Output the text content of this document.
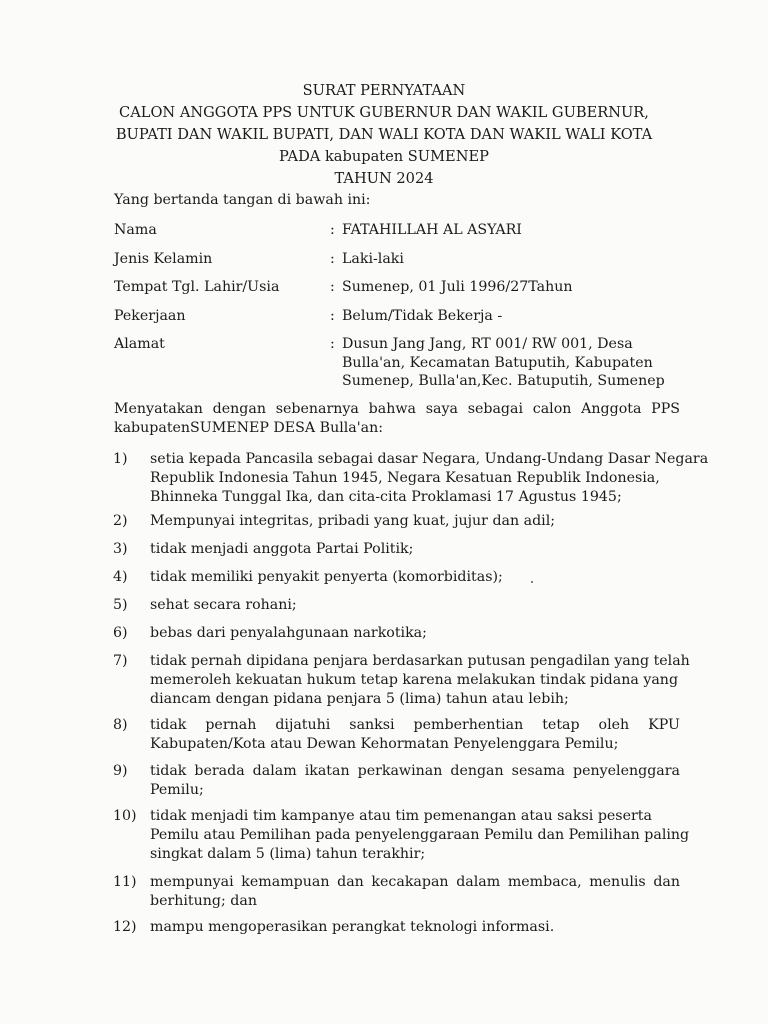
SURAT PERNYATAAN
CALON ANGGOTA PPS UNTUK GUBERNUR DAN WAKIL GUBERNUR,
BUPATI DAN WAKIL BUPATI, DAN WALI KOTA DAN WAKIL WALI KOTA
PADA kabupaten SUMENEP
TAHUN 2024
Yang bertanda tangan di bawah ini:
Nama	: FATAHILLAH AL ASYARI
Jenis Kelamin	: Laki-laki
Tempat Tgl. Lahir/Usia	: Sumenep, 01 Juli 1996/27Tahun
Pekerjaan	: Belum/Tidak Bekerja -
Alamat	: Dusun Jang Jang, RT 001/ RW 001, Desa
Bulla'an, Kecamatan Batuputih, Kabupaten
Sumenep, Bulla'an,Kec. Batuputih, Sumenep
Menyatakan dengan sebenarnya bahwa saya sebagai calon Anggota PPS kabupatenSUMENEP DESA Bulla'an:
1) setia kepada Pancasila sebagai dasar Negara, Undang-Undang Dasar Negara
Republik Indonesia Tahun 1945, Negara Kesatuan Republik Indonesia,
Bhinneka Tunggal Ika, dan cita-cita Proklamasi 17 Agustus 1945;
2) Mempunyai integritas, pribadi yang kuat, jujur dan adil;
3) tidak menjadi anggota Partai Politik;
4) tidak memiliki penyakit penyerta (komorbiditas);
5) sehat secara rohani;
6) bebas dari penyalahgunaan narkotika;
7) tidak pernah dipidana penjara berdasarkan putusan pengadilan yang telah
memeroleh kekuatan hukum tetap karena melakukan tindak pidana yang
diancam dengan pidana penjara 5 (lima) tahun atau lebih;
8) tidak pernah dijatuhi sanksi pemberhentian tetap oleh KPU
Kabupaten/Kota atau Dewan Kehormatan Penyelenggara Pemilu;
9) tidak berada dalam ikatan perkawinan dengan sesama penyelenggara
Pemilu;
10) tidak menjadi tim kampanye atau tim pemenangan atau saksi peserta
Pemilu atau Pemilihan pada penyelenggaraan Pemilu dan Pemilihan paling
singkat dalam 5 (lima) tahun terakhir;
11) mempunyai kemampuan dan kecakapan dalam membaca, menulis dan
berhitung; dan
12) mampu mengoperasikan perangkat teknologi informasi.
